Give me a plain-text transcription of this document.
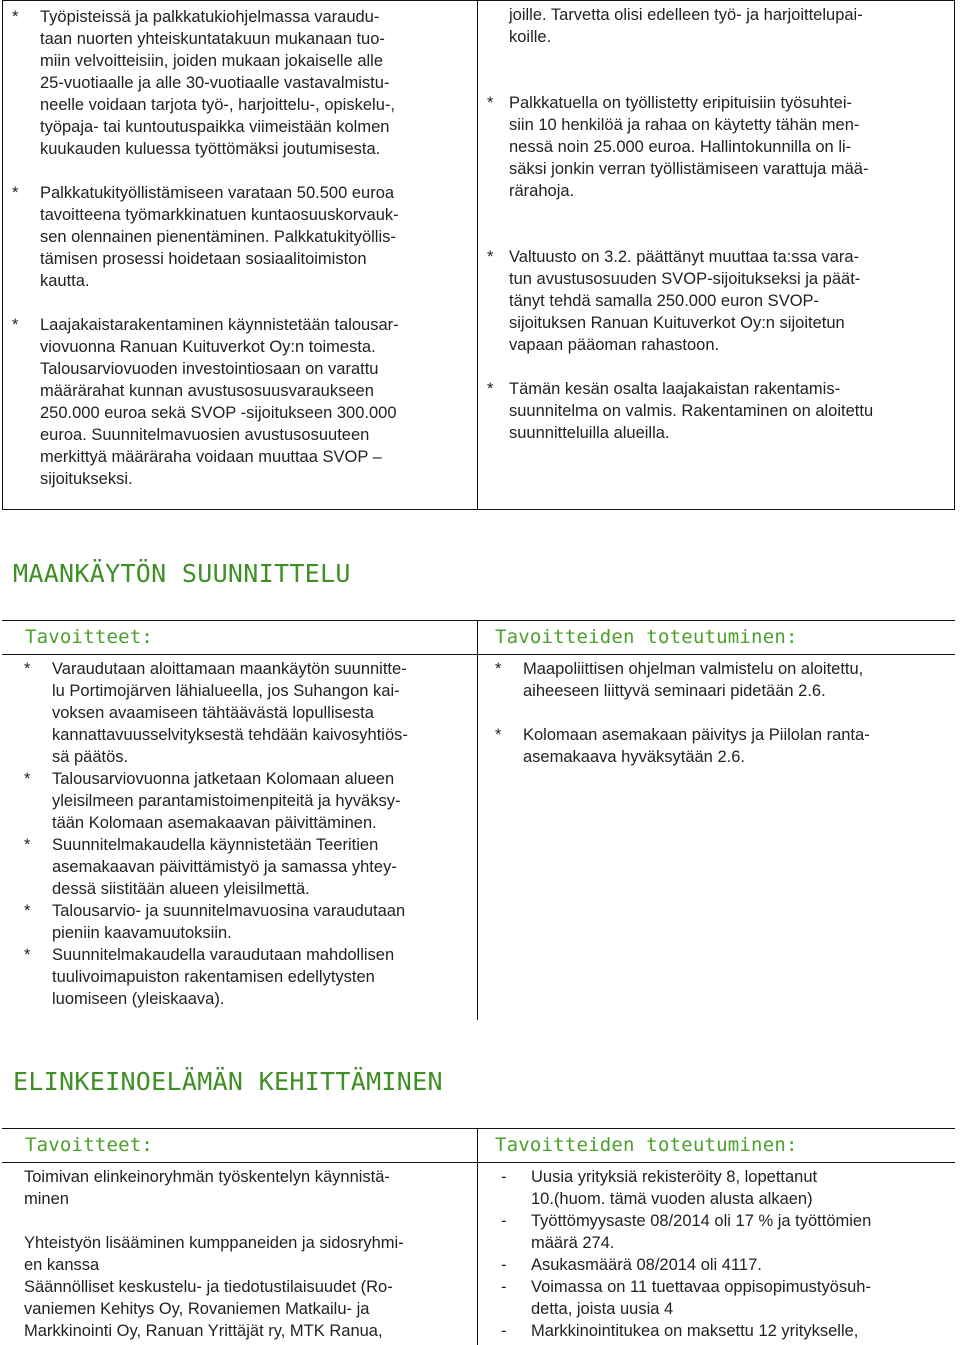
* Työpisteissä ja palkkatukiohjelmassa varaudu-
taan nuorten yhteiskuntatakuun mukanaan tuo-
miin velvoitteisiin, joiden mukaan jokaiselle alle
25-vuotiaalle ja alle 30-vuotiaalle vastavalmistu-
neelle voidaan tarjota työ-, harjoittelu-, opiskelu-,
työpaja- tai kuntoutuspaikka viimeistään kolmen
kuukauden kuluessa työttömäksi joutumisesta.
* Palkkatukityöllistämiseen varataan 50.500 euroa
tavoitteena työmarkkinatuen kuntaosuuskorvauk-
sen olennainen pienentäminen. Palkkatukityöllis-
tämisen prosessi hoidetaan sosiaalitoimiston
kautta.
* Laajakaistarakentaminen käynnistetään talousar-
viovuonna Ranuan Kuituverkot Oy:n toimesta.
Talousarviovuoden investointiosaan on varattu
määrärahat kunnan avustusosuusvaraukseen
250.000 euroa sekä SVOP -sijoitukseen 300.000
euroa. Suunnitelmavuosien avustusosuuteen
merkittyä määräraha voidaan muuttaa SVOP –
sijoitukseksi.
joille. Tarvetta olisi edelleen työ- ja harjoittelupai-
koille.
* Palkkatuella on työllistetty eripituisiin työsuhtei-
siin 10 henkilöä ja rahaa on käytetty tähän men-
nessä noin 25.000 euroa. Hallintokunnilla on li-
säksi jonkin verran työllistämiseen varattuja mää-
rärahoja.
* Valtuusto on 3.2. päättänyt muuttaa ta:ssa vara-
tun avustusosuuden SVOP-sijoitukseksi ja päät-
tänyt tehdä samalla 250.000 euron SVOP-
sijoituksen Ranuan Kuituverkot Oy:n sijoitetun
vapaan pääoman rahastoon.
* Tämän kesän osalta laajakaistan rakentamis-
suunnitelma on valmis. Rakentaminen on aloitettu
suunnitteluilla alueilla.
MAANKÄYTÖN SUUNNITTELU
Tavoitteet:	Tavoitteiden toteutuminen:
* Varaudutaan aloittamaan maankäytön suunnitte-
lu Portimojärven lähialueella, jos Suhangon kai-
voksen avaamiseen tähtäävästä lopullisesta
kannattavuusselvityksestä tehdään kaivosyhtiös-
sä päätös.
* Talousarviovuonna jatketaan Kolomaan alueen
yleisilmeen parantamistoimenpiteitä ja hyväksy-
tään Kolomaan asemakaavan päivittäminen.
* Suunnitelmakaudella käynnistetään Teeritien
asemakaavan päivittämistyö ja samassa yhtey-
dessä siistitään alueen yleisilmettä.
* Talousarvio- ja suunnitelmavuosina varaudutaan
pieniin kaavamuutoksiin.
* Suunnitelmakaudella varaudutaan mahdollisen
tuulivoimapuiston rakentamisen edellytysten
luomiseen (yleiskaava).
* Maapoliittisen ohjelman valmistelu on aloitettu,
aiheeseen liittyvä seminaari pidetään 2.6.
* Kolomaan asemakaan päivitys ja Piilolan ranta-
asemakaava hyväksytään 2.6.
ELINKEINOELÄMÄN KEHITTÄMINEN
Tavoitteet:	Tavoitteiden toteutuminen:
Toimivan elinkeinoryhmän työskentelyn käynnistä-
minen
Yhteistyön lisääminen kumppaneiden ja sidosryhmi-
en kanssa
Säännölliset keskustelu- ja tiedotustilaisuudet (Ro-
vaniemen Kehitys Oy, Rovaniemen Matkailu- ja
Markkinointi Oy, Ranuan Yrittäjät ry, MTK Ranua,
- Uusia yrityksiä rekisteröity 8, lopettanut
10.(huom. tämä vuoden alusta alkaen)
- Työttömyysaste 08/2014 oli 17 % ja työttömien
määrä 274.
- Asukasmäärä 08/2014 oli 4117.
- Voimassa on 11 tuettavaa oppisopimustyösuh-
detta, joista uusia 4
- Markkinointitukea on maksettu 12 yritykselle,
